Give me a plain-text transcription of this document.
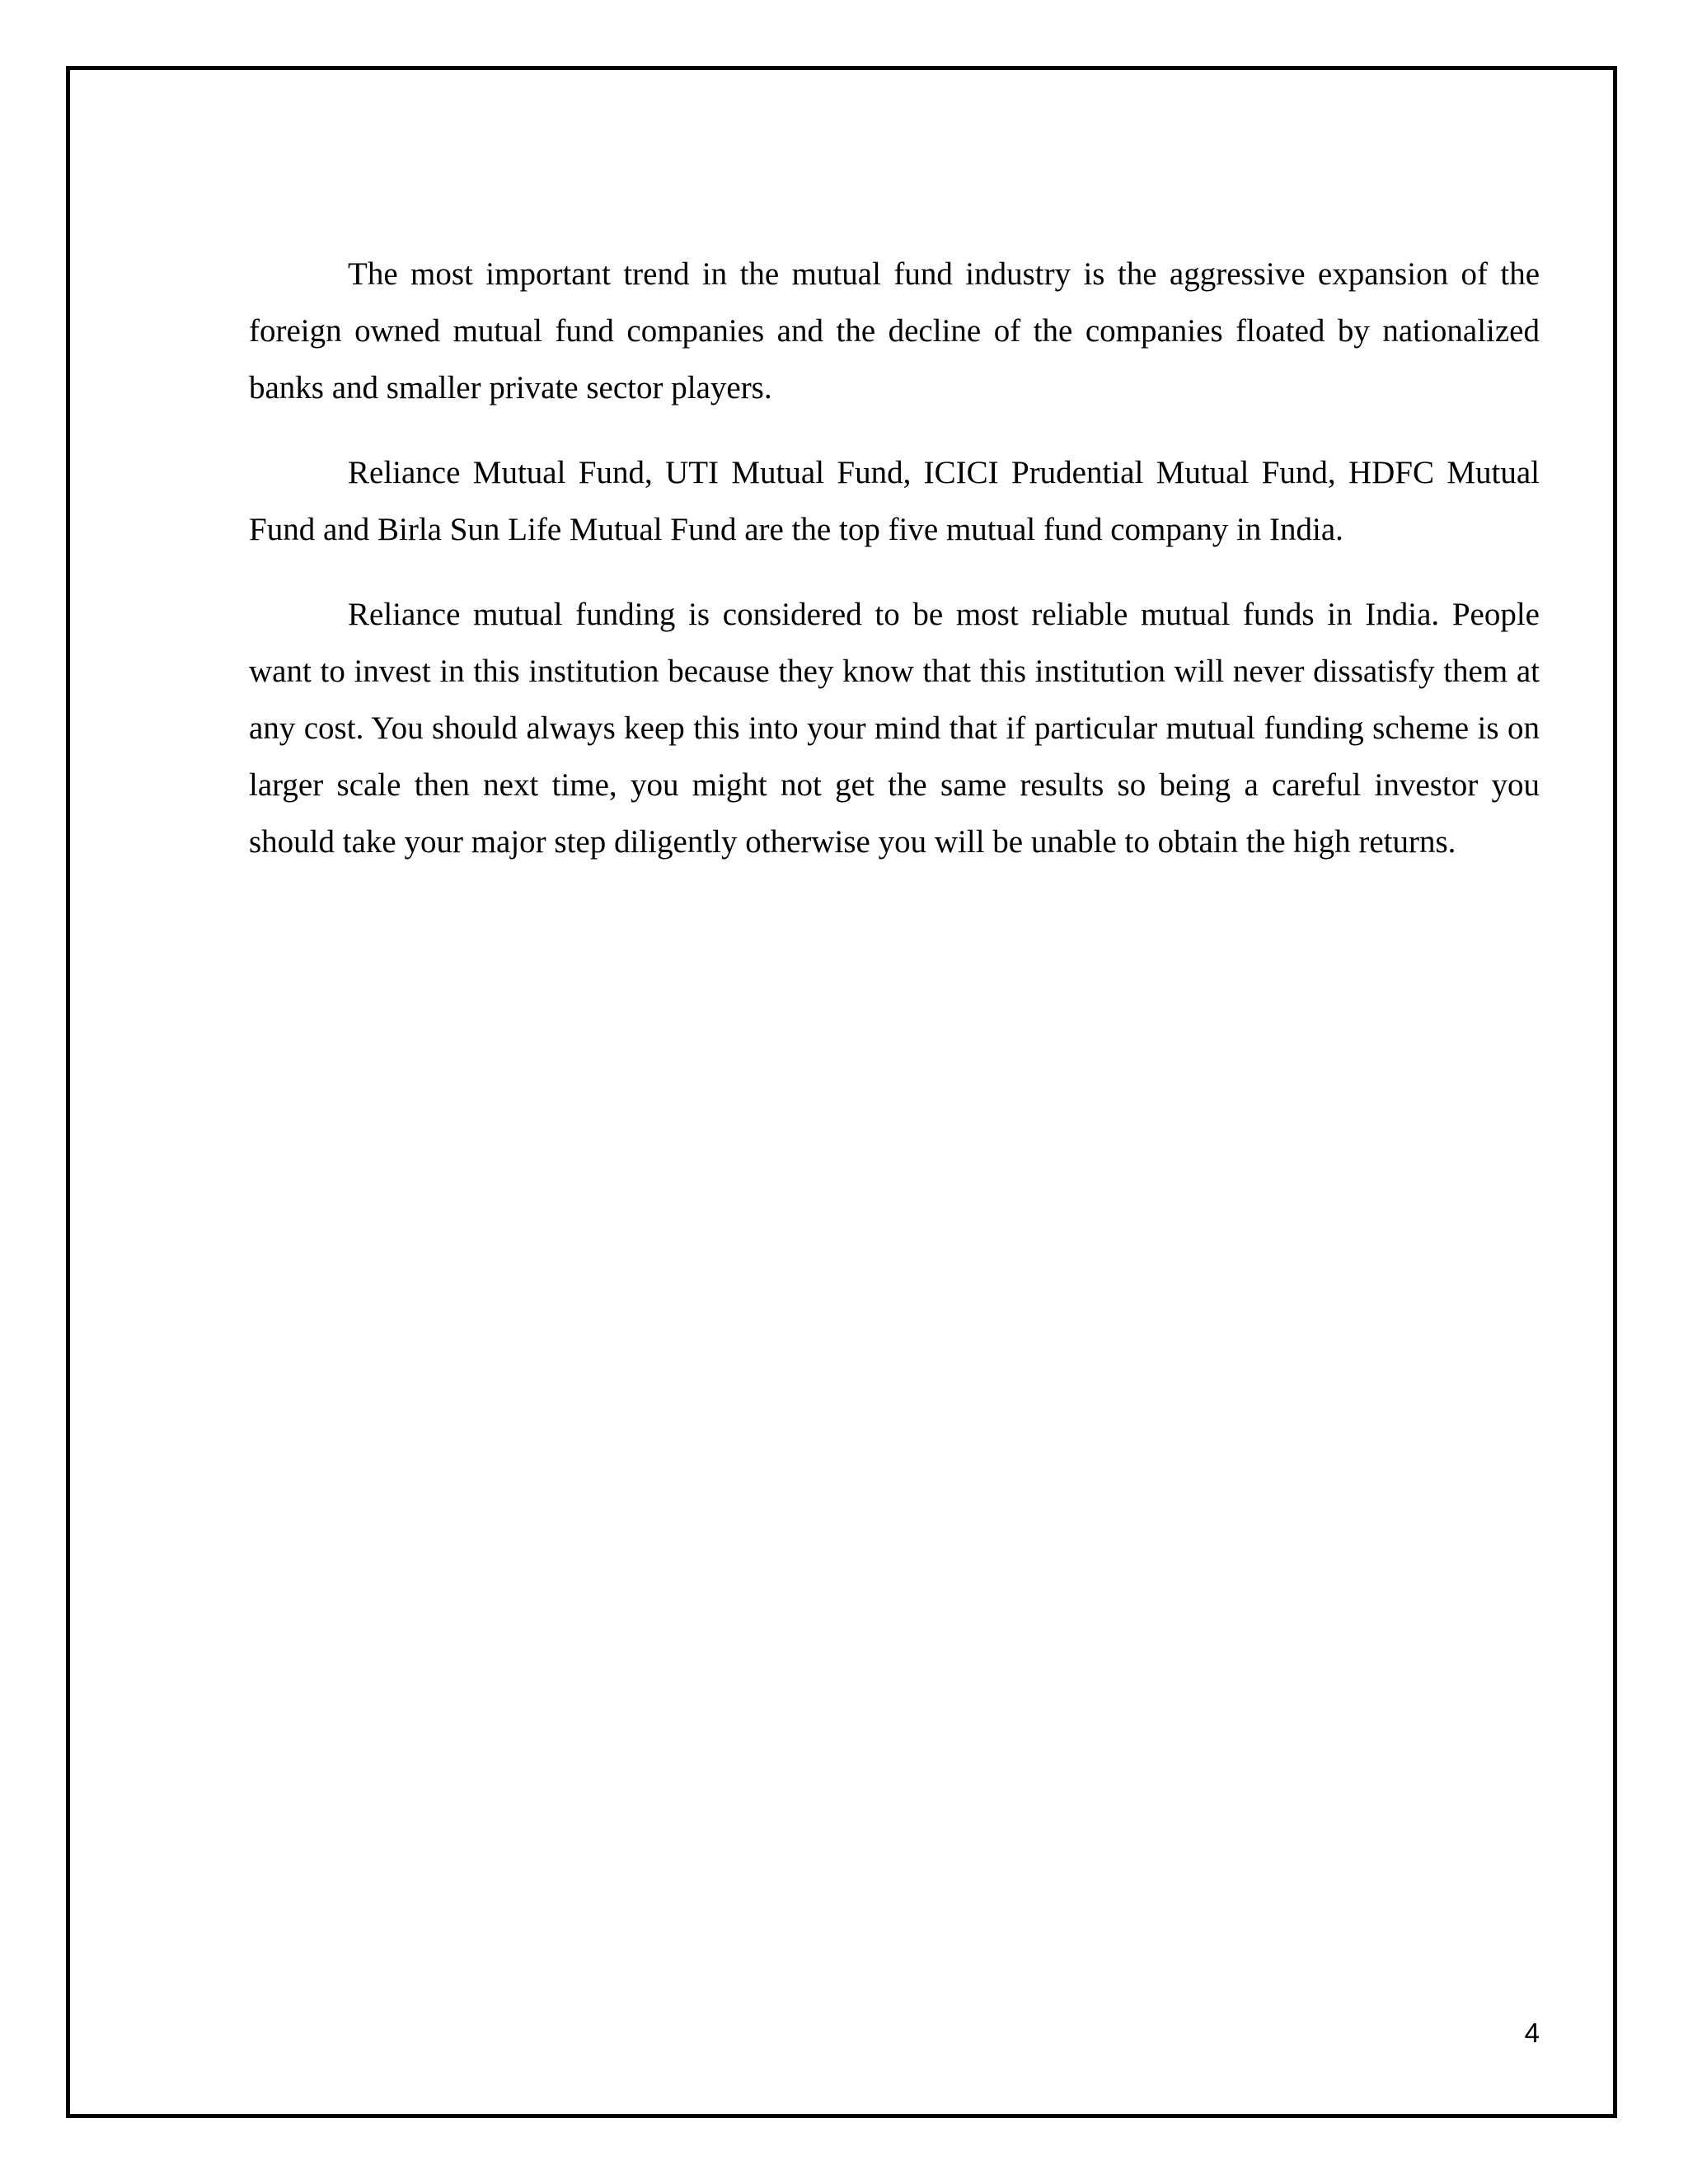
The most important trend in the mutual fund industry is the aggressive expansion of the foreign owned mutual fund companies and the decline of the companies floated by nationalized banks and smaller private sector players.

Reliance Mutual Fund, UTI Mutual Fund, ICICI Prudential Mutual Fund, HDFC Mutual Fund and Birla Sun Life Mutual Fund are the top five mutual fund company in India.

Reliance mutual funding is considered to be most reliable mutual funds in India. People want to invest in this institution because they know that this institution will never dissatisfy them at any cost. You should always keep this into your mind that if particular mutual funding scheme is on larger scale then next time, you might not get the same results so being a careful investor you should take your major step diligently otherwise you will be unable to obtain the high returns.

4
